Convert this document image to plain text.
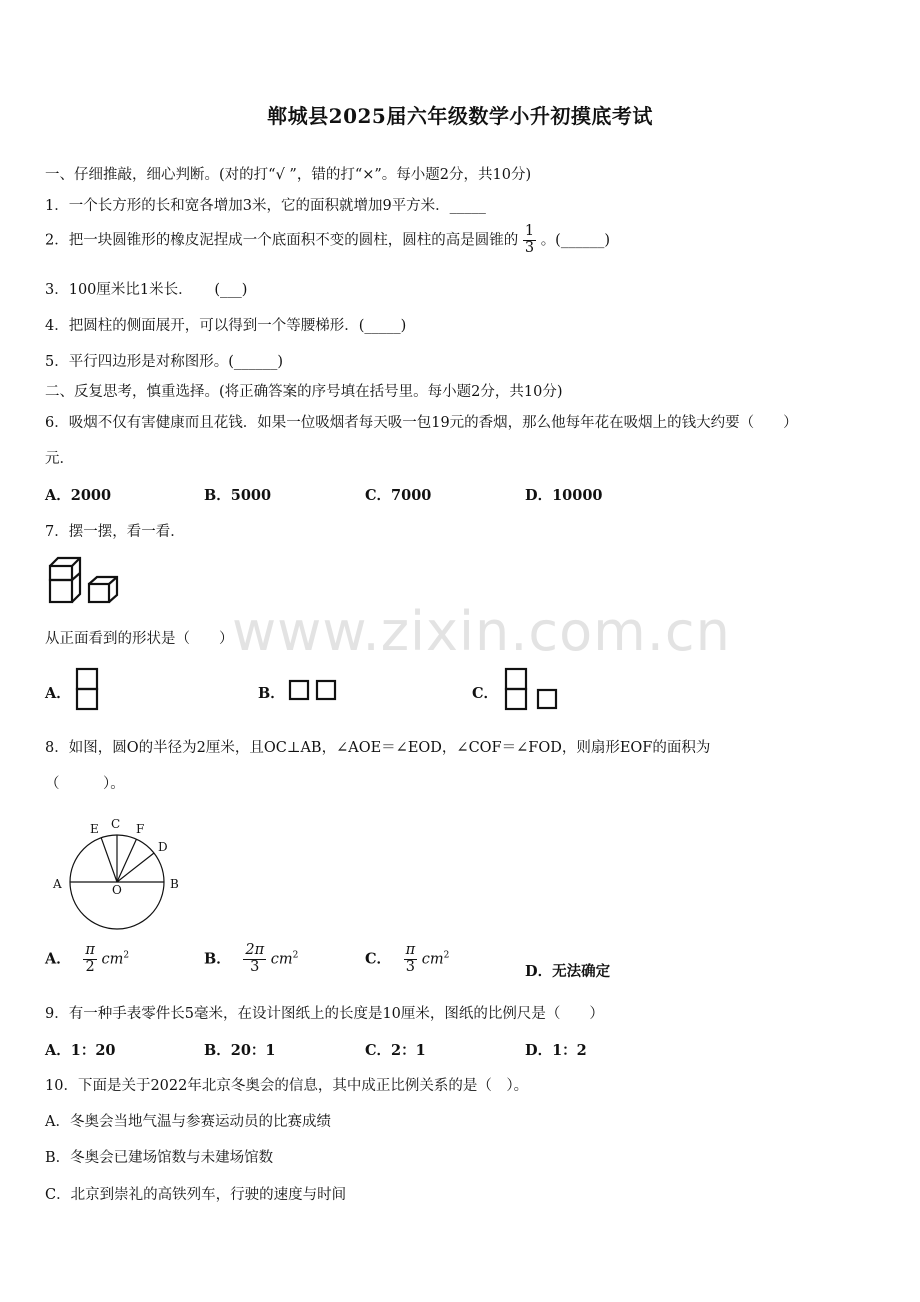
www.zixin.com.cn
郸城县2025届六年级数学小升初摸底考试
一、仔细推敲，细心判断。(对的打“√ ”，错的打“×”。每小题2分，共10分)
1．一个长方形的长和宽各增加3米，它的面积就增加9平方米．_____
2．把一块圆锥形的橡皮泥捏成一个底面积不变的圆柱，圆柱的高是圆锥的 $\frac{1}{3}$ 。(______)
3．100厘米比1米长．　　(___)
4．把圆柱的侧面展开，可以得到一个等腰梯形．(_____)
5．平行四边形是对称图形。(______)
二、反复思考，慎重选择。(将正确答案的序号填在括号里。每小题2分，共10分)
6．吸烟不仅有害健康而且花钱．如果一位吸烟者每天吸一包19元的香烟，那么他每年花在吸烟上的钱大约要（　　）
元．
A．2000	B．5000	C．7000	D．10000
7．摆一摆，看一看．
从正面看到的形状是（　　）
A．	B．	C．
8．如图，圆O的半径为2厘米，且OC⊥AB，∠AOE＝∠EOD，∠COF＝∠FOD，则扇形EOF的面积为
（　　　）。
E C F
D
A	O	B
A． $\frac{\pi}{2} cm^2$	B． $\frac{2\pi}{3} cm^2$	C． $\frac{\pi}{3} cm^2$
D．无法确定
9．有一种手表零件长5毫米，在设计图纸上的长度是10厘米，图纸的比例尺是（　　）
A．1：20	B．20：1	C．2：1	D．1：2
10．下面是关于2022年北京冬奥会的信息，其中成正比例关系的是（　）。
A．冬奥会当地气温与参赛运动员的比赛成绩
B．冬奥会已建场馆数与未建场馆数
C．北京到崇礼的高铁列车，行驶的速度与时间
